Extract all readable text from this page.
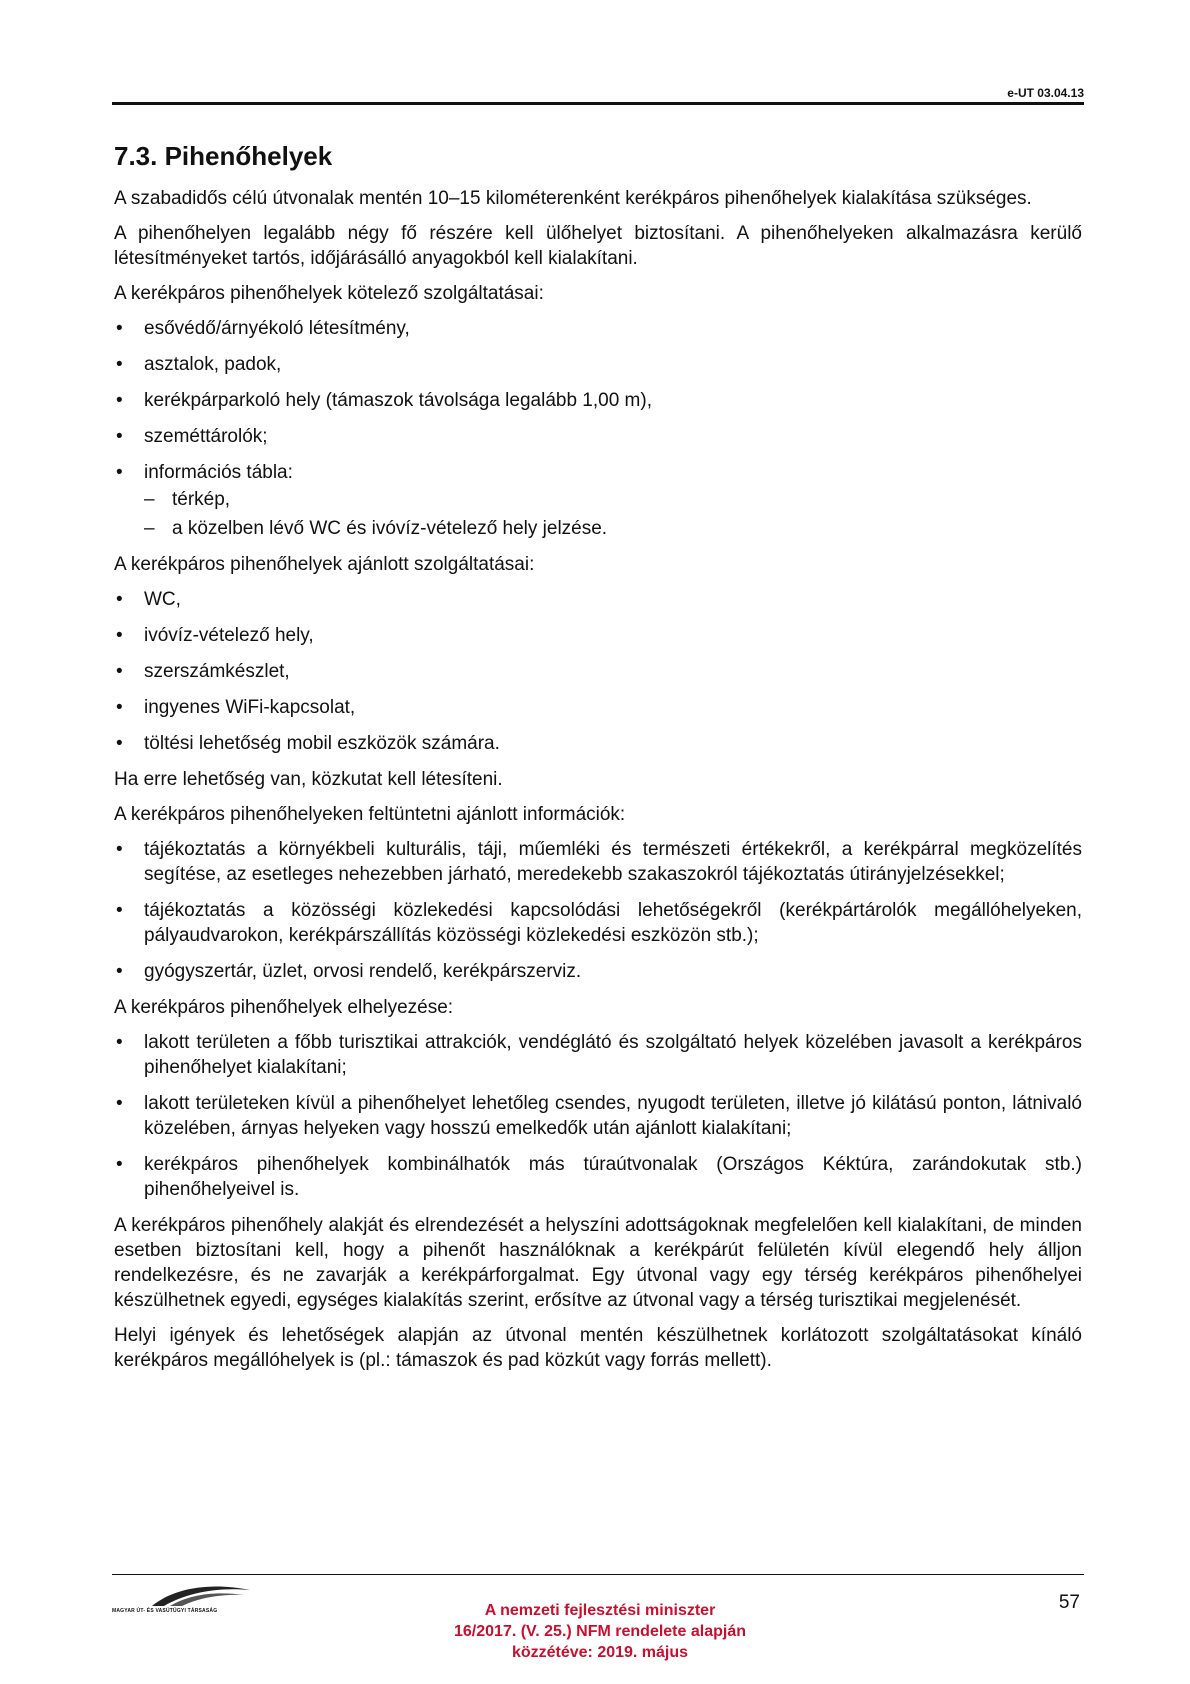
e-UT 03.04.13
7.3. Pihenőhelyek

A szabadidős célú útvonalak mentén 10–15 kilométerenként kerékpáros pihenőhelyek kialakítása szükséges.

A pihenőhelyen legalább négy fő részére kell ülőhelyet biztosítani. A pihenőhelyeken alkalmazásra kerülő létesítményeket tartós, időjárásálló anyagokból kell kialakítani.

A kerékpáros pihenőhelyek kötelező szolgáltatásai:

• esővédő/árnyékoló létesítmény,
• asztalok, padok,
• kerékpárparkoló hely (támaszok távolsága legalább 1,00 m),
• szeméttárolók;
• információs tábla:
– térkép,
– a közelben lévő WC és ivóvíz-vételező hely jelzése.

A kerékpáros pihenőhelyek ajánlott szolgáltatásai:

• WC,
• ivóvíz-vételező hely,
• szerszámkészlet,
• ingyenes WiFi-kapcsolat,
• töltési lehetőség mobil eszközök számára.

Ha erre lehetőség van, közkutat kell létesíteni.

A kerékpáros pihenőhelyeken feltüntetni ajánlott információk:

• tájékoztatás a környékbeli kulturális, táji, műemléki és természeti értékekről, a kerékpárral megközelítés segítése, az esetleges nehezebben járható, meredekebb szakaszokról tájékoztatás útirányjelzésekkel;
• tájékoztatás a közösségi közlekedési kapcsolódási lehetőségekről (kerékpártárolók megállóhelyeken, pályaudvarokon, kerékpárszállítás közösségi közlekedési eszközön stb.);
• gyógyszertár, üzlet, orvosi rendelő, kerékpárszerviz.

A kerékpáros pihenőhelyek elhelyezése:

• lakott területen a főbb turisztikai attrakciók, vendéglátó és szolgáltató helyek közelében javasolt a kerékpáros pihenőhelyet kialakítani;
• lakott területeken kívül a pihenőhelyet lehetőleg csendes, nyugodt területen, illetve jó kilátású ponton, látnivaló közelében, árnyas helyeken vagy hosszú emelkedők után ajánlott kialakítani;
• kerékpáros pihenőhelyek kombinálhatók más túraútvonalak (Országos Kéktúra, zarándokutak stb.) pihenőhelyeivel is.

A kerékpáros pihenőhely alakját és elrendezését a helyszíni adottságoknak megfelelően kell kialakítani, de minden esetben biztosítani kell, hogy a pihenőt használóknak a kerékpárút felületén kívül elegendő hely álljon rendelkezésre, és ne zavarják a kerékpárforgalmat. Egy útvonal vagy egy térség kerékpáros pihenőhelyei készülhetnek egyedi, egységes kialakítás szerint, erősítve az útvonal vagy a térség turisztikai megjelenését.

Helyi igények és lehetőségek alapján az útvonal mentén készülhetnek korlátozott szolgáltatásokat kínáló kerékpáros megállóhelyek is (pl.: támaszok és pad közkút vagy forrás mellett).

MAGYAR ÚT- ÉS VASÚTÜGYI TÁRSASÁG	57
A nemzeti fejlesztési miniszter
16/2017. (V. 25.) NFM rendelete alapján
közzétéve: 2019. május
